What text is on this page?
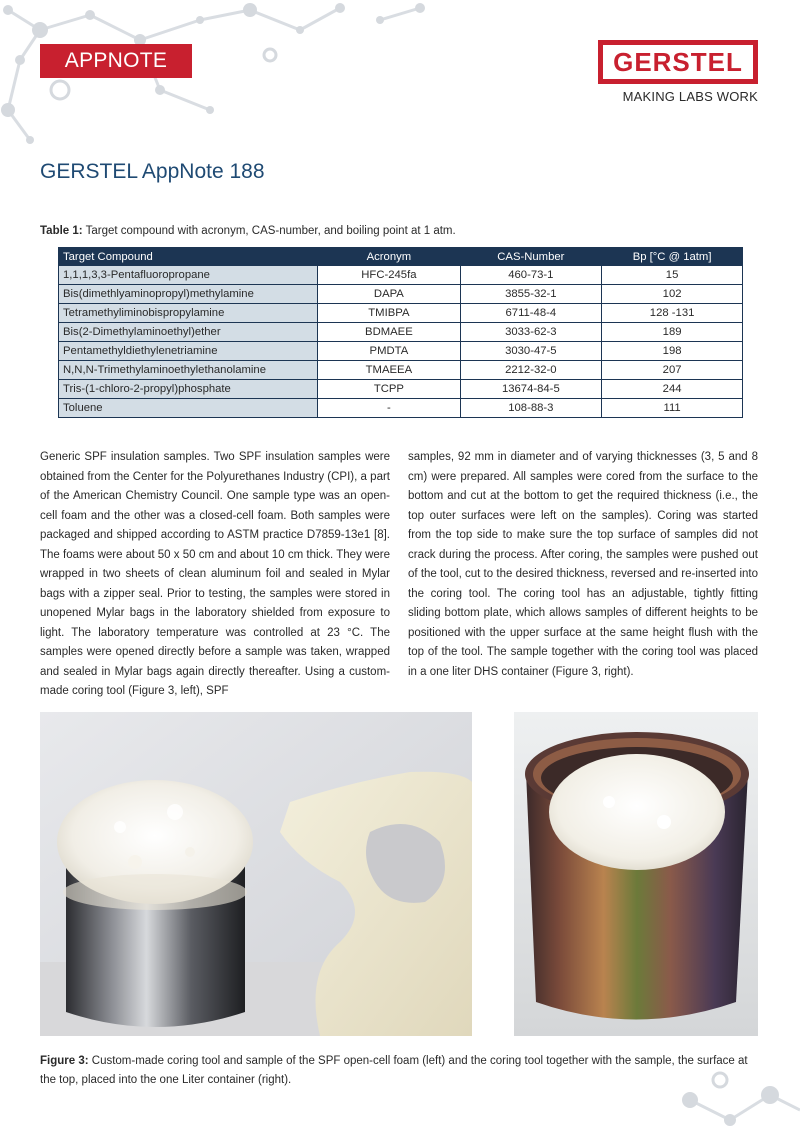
APPNOTE	GERSTEL
MAKING LABS WORK
GERSTEL AppNote 188
Table 1: Target compound with acronym, CAS-number, and boiling point at 1 atm.
Target Compound	Acronym	CAS-Number	Bp [°C @ 1atm]
1,1,1,3,3-Pentafluoropropane	HFC-245fa	460-73-1	15
Bis(dimethlyaminopropyl)methylamine	DAPA	3855-32-1	102
Tetramethyliminobispropylamine	TMIBPA	6711-48-4	128 -131
Bis(2-Dimethylaminoethyl)ether	BDMAEE	3033-62-3	189
Pentamethyldiethylenetriamine	PMDTA	3030-47-5	198
N,N,N-Trimethylaminoethylethanolamine	TMAEEA	2212-32-0	207
Tris-(1-chloro-2-propyl)phosphate	TCPP	13674-84-5	244
Toluene	-	108-88-3	111
Generic SPF insulation samples. Two SPF insulation samples were obtained from the Center for the Polyurethanes Industry (CPI), a part of the American Chemistry Council. One sample type was an open-cell foam and the other was a closed-cell foam. Both samples were packaged and shipped according to ASTM practice D7859-13e1 [8]. The foams were about 50 x 50 cm and about 10 cm thick. They were wrapped in two sheets of clean aluminum foil and sealed in Mylar bags with a zipper seal. Prior to testing, the samples were stored in unopened Mylar bags in the laboratory shielded from exposure to light. The laboratory temperature was controlled at 23 °C. The samples were opened directly before a sample was taken, wrapped and sealed in Mylar bags again directly thereafter. Using a custom-made coring tool (Figure 3, left), SPF
samples, 92 mm in diameter and of varying thicknesses (3, 5 and 8 cm) were prepared. All samples were cored from the surface to the bottom and cut at the bottom to get the required thickness (i.e., the top outer surfaces were left on the samples). Coring was started from the top side to make sure the top surface of samples did not crack during the process. After coring, the samples were pushed out of the tool, cut to the desired thickness, reversed and re-inserted into the coring tool. The coring tool has an adjustable, tightly fitting sliding bottom plate, which allows samples of different heights to be positioned with the upper surface at the same height flush with the top of the tool. The sample together with the coring tool was placed in a one liter DHS container (Figure 3, right).
Figure 3: Custom-made coring tool and sample of the SPF open-cell foam (left) and the coring tool together with the sample, the surface at the top, placed into the one Liter container (right).
